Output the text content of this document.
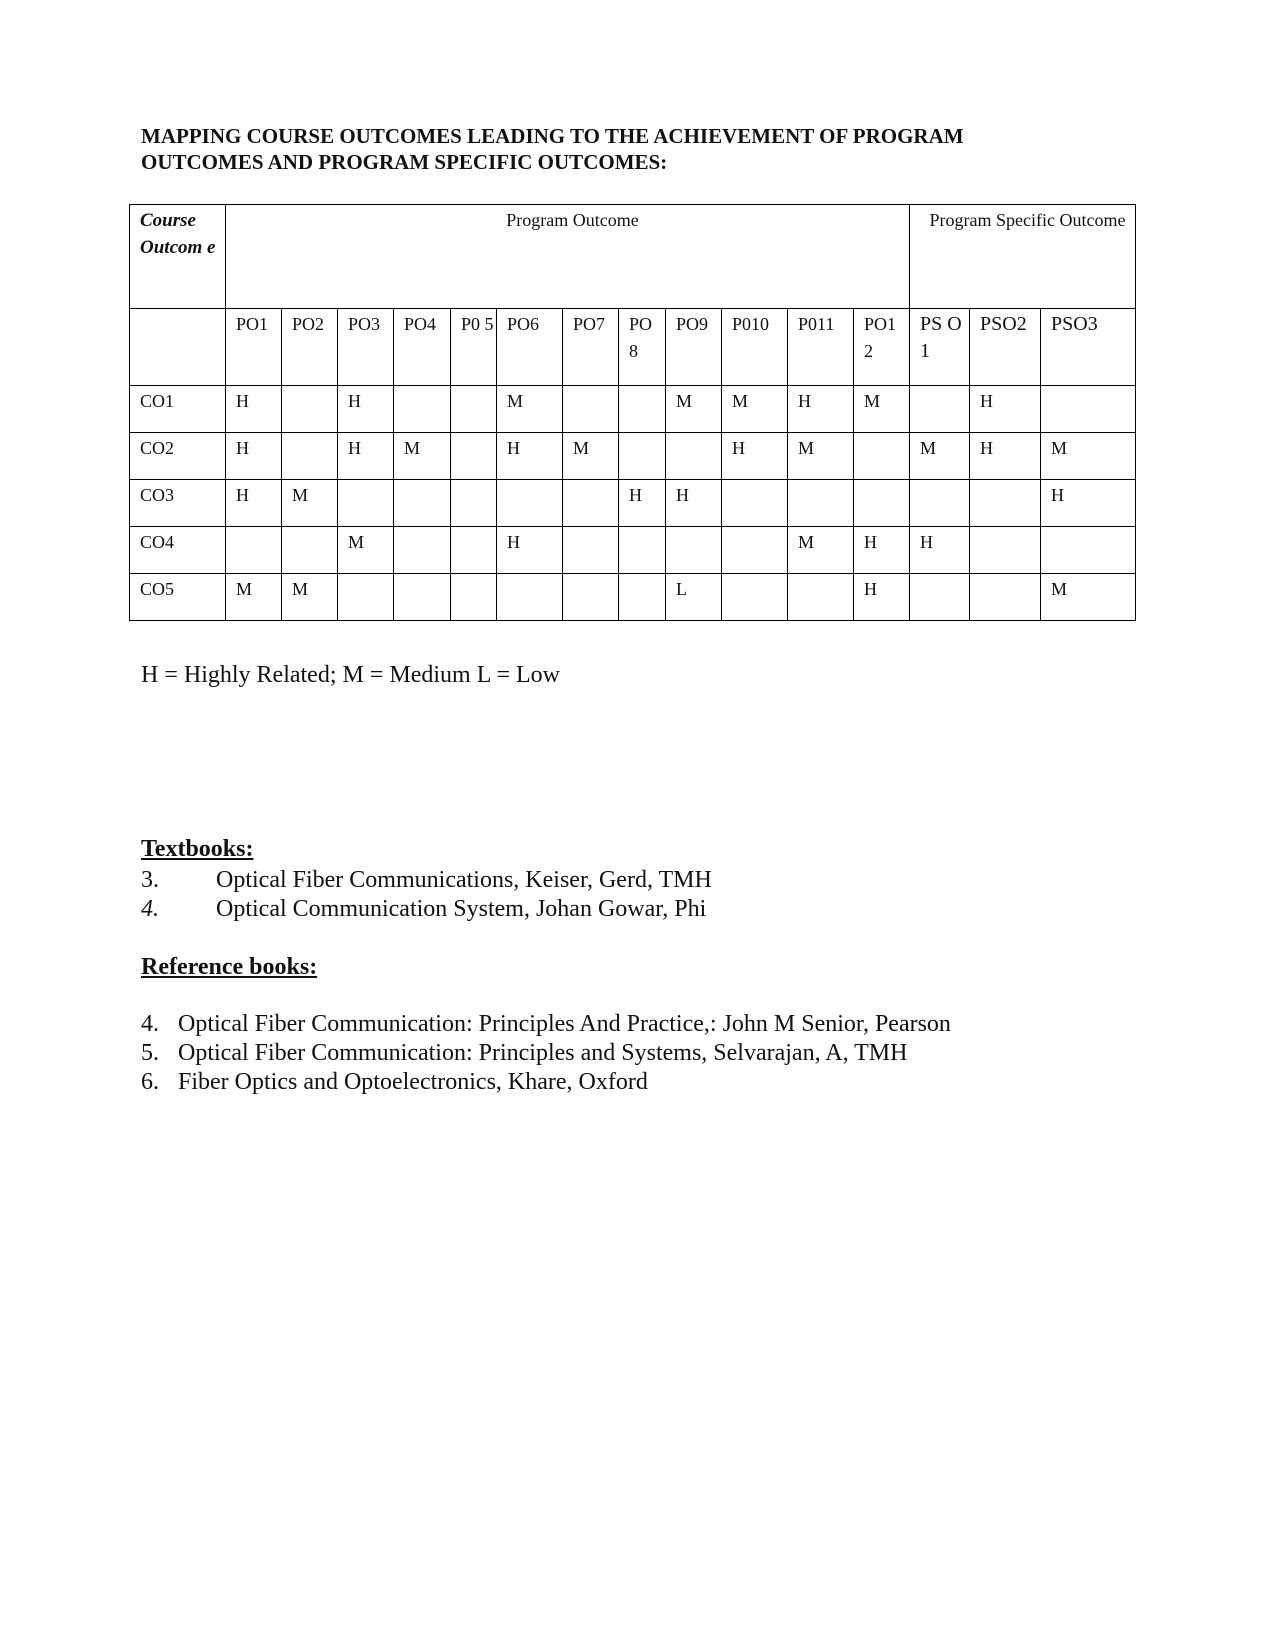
MAPPING COURSE OUTCOMES LEADING TO THE ACHIEVEMENT OF PROGRAM
OUTCOMES AND PROGRAM SPECIFIC OUTCOMES:
Course Outcom e	Program Outcome												Program Specific Outcome		
	PO1	PO2	PO3	PO4	P0 5	PO6	PO7	PO 8	PO9	P010	P011	PO1 2	PS O1	PSO2	PSO3
CO1	H		H			M			M	M	H	M		H	
CO2	H		H	M		H	M			H	M		M	H	M
CO3	H	M						H	H						H
CO4			M			H					M	H	H		
CO5	M	M							L			H			M

H = Highly Related; M = Medium L = Low

Textbooks:

3. Optical Fiber Communications, Keiser, Gerd, TMH
4. Optical Communication System, Johan Gowar, Phi

Reference books:

4. Optical Fiber Communication: Principles And Practice,: John M Senior, Pearson
5. Optical Fiber Communication: Principles and Systems, Selvarajan, A, TMH
6. Fiber Optics and Optoelectronics, Khare, Oxford
